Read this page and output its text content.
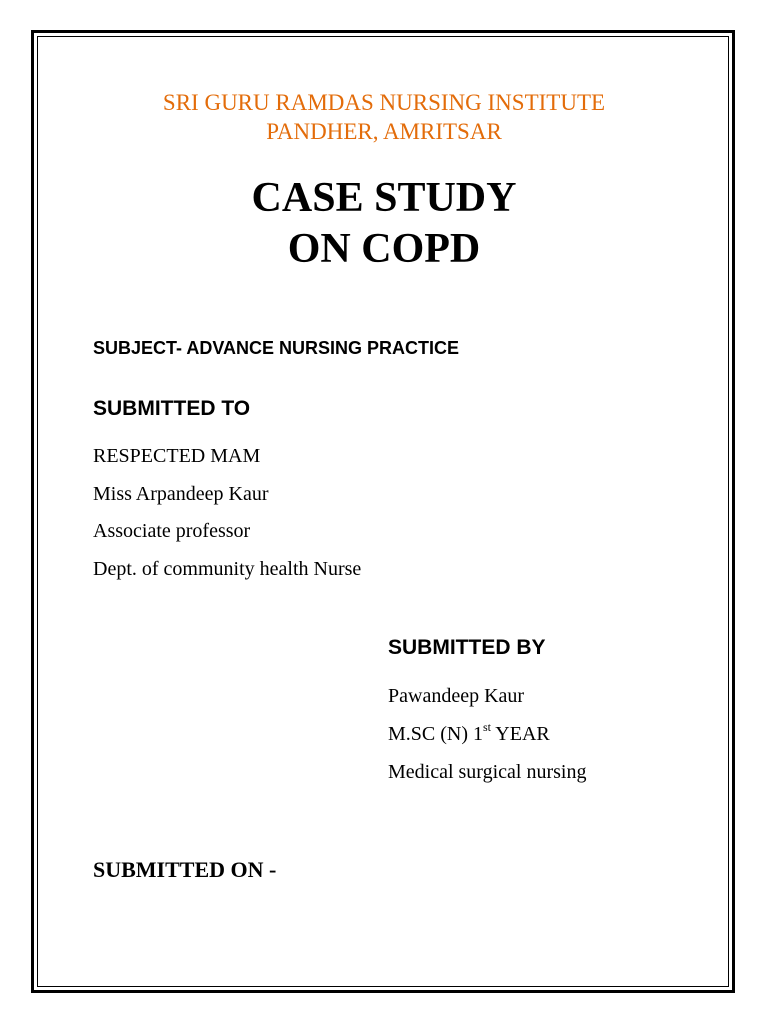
SRI GURU RAMDAS NURSING INSTITUTE
PANDHER, AMRITSAR
CASE STUDY
ON COPD
SUBJECT- ADVANCE NURSING PRACTICE
SUBMITTED TO
RESPECTED MAM
Miss Arpandeep Kaur
Associate professor
Dept. of community health Nurse
SUBMITTED BY
Pawandeep Kaur
M.SC (N) 1st YEAR
Medical surgical nursing
SUBMITTED ON -
